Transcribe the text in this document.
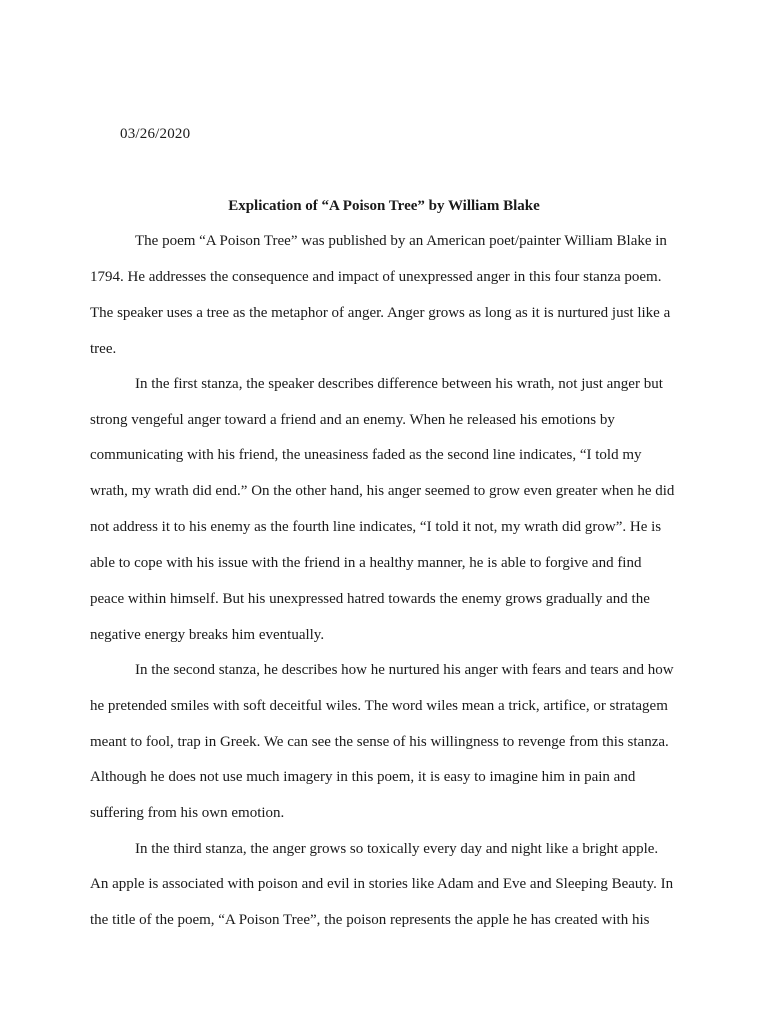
03/26/2020
Explication of “A Poison Tree” by William Blake
The poem “A Poison Tree” was published by an American poet/painter William Blake in
1794. He addresses the consequence and impact of unexpressed anger in this four stanza poem.
The speaker uses a tree as the metaphor of anger. Anger grows as long as it is nurtured just like a
tree.
In the first stanza, the speaker describes difference between his wrath, not just anger but
strong vengeful anger toward a friend and an enemy. When he released his emotions by
communicating with his friend, the uneasiness faded as the second line indicates, “I told my
wrath, my wrath did end.” On the other hand, his anger seemed to grow even greater when he did
not address it to his enemy as the fourth line indicates, “I told it not, my wrath did grow”. He is
able to cope with his issue with the friend in a healthy manner, he is able to forgive and find
peace within himself. But his unexpressed hatred towards the enemy grows gradually and the
negative energy breaks him eventually.
In the second stanza, he describes how he nurtured his anger with fears and tears and how
he pretended smiles with soft deceitful wiles. The word wiles mean a trick, artifice, or stratagem
meant to fool, trap in Greek. We can see the sense of his willingness to revenge from this stanza.
Although he does not use much imagery in this poem, it is easy to imagine him in pain and
suffering from his own emotion.
In the third stanza, the anger grows so toxically every day and night like a bright apple.
An apple is associated with poison and evil in stories like Adam and Eve and Sleeping Beauty. In
the title of the poem, “A Poison Tree”, the poison represents the apple he has created with his
